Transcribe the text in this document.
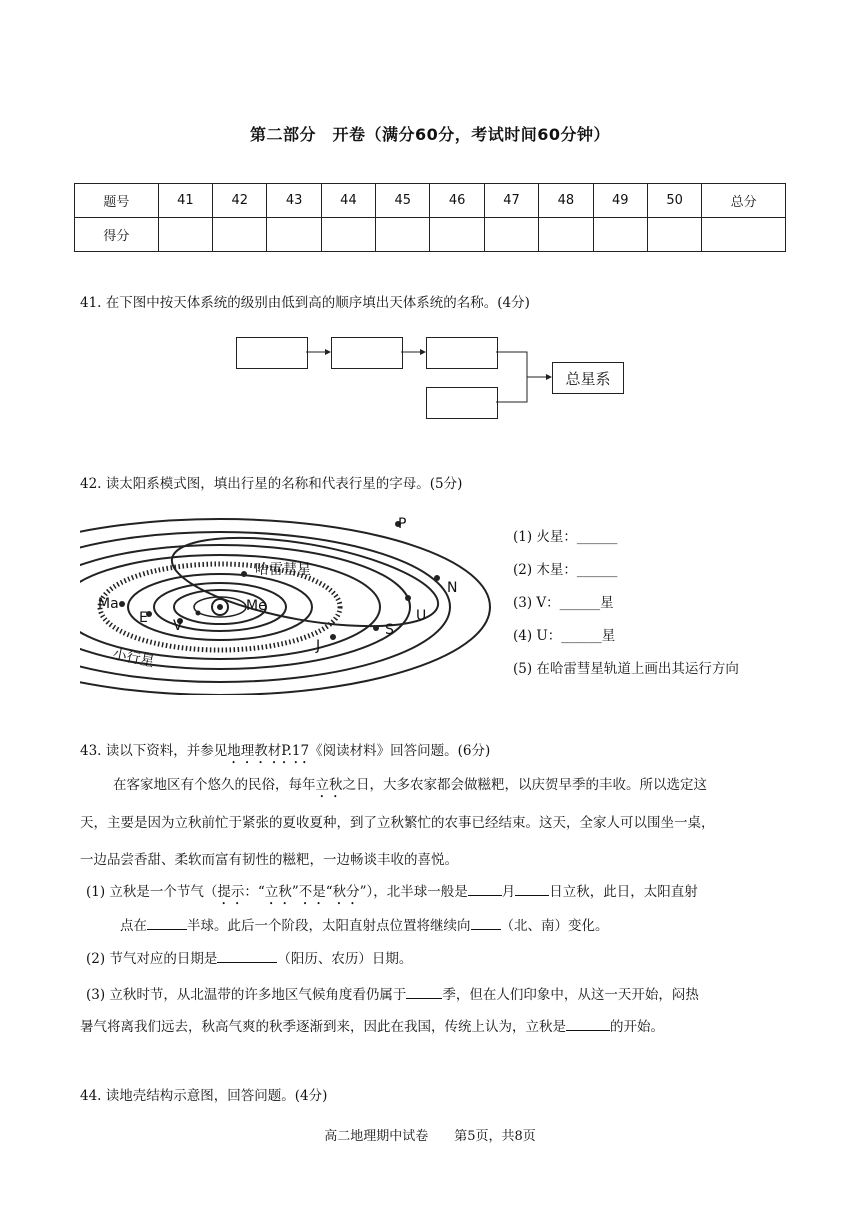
第二部分　开卷（满分60分，考试时间60分钟）
题号	41	42	43	44	45	46	47	48	49	50	总分
得分											
41. 在下图中按天体系统的级别由低到高的顺序填出天体系统的名称。(4分)
总星系
42. 读太阳系模式图，填出行星的名称和代表行星的字母。(5分)
P
哈雷彗星
N
Ma
E V
Me
U
S
J
小行星
(1) 火星：______
(2) 木星：______
(3) V：______星
(4) U：______星
(5) 在哈雷彗星轨道上画出其运行方向
43. 读以下资料，并参见地理教材P.17《阅读材料》回答问题。(6分)
在客家地区有个悠久的民俗，每年立秋之日，大多农家都会做糍粑，以庆贺早季的丰收。所以选定这
天，主要是因为立秋前忙于紧张的夏收夏种，到了立秋繁忙的农事已经结束。这天，全家人可以围坐一桌，
一边品尝香甜、柔软而富有韧性的糍粑，一边畅谈丰收的喜悦。
(1) 立秋是一个节气（提示：“立秋”不是“秋分”），北半球一般是	月	日立秋，此日，太阳直射
点在	半球。此后一个阶段，太阳直射点位置将继续向 （北、南）变化。
(2) 节气对应的日期是	（阳历、农历）日期。
(3) 立秋时节，从北温带的许多地区气候角度看仍属于	季，但在人们印象中，从这一天开始，闷热
暑气将离我们远去，秋高气爽的秋季逐渐到来，因此在我国，传统上认为，立秋是	的开始。
44. 读地壳结构示意图，回答问题。(4分)
高二地理期中试卷　　第5页，共8页
